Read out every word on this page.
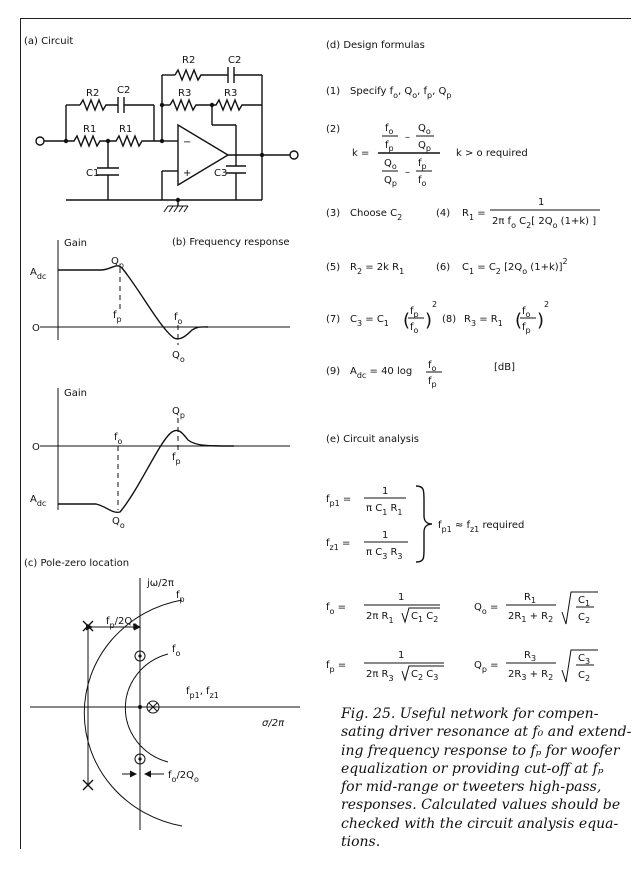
(a) Circuit
−
+
R2	C2
R3	R3
R2 C2
R1 R1
C1	C3
(b) Frequency response
Gain
$A_{dc}$
O
$Q_p$
$f_p$	$f_o$
$Q_o$
Gain
$A_{dc}$
O
$f_o$
$Q_p$
$f_p$
$Q_o$
(c) Pole-zero location
jω/2π
$f_p$
$f_p/2Q_p$
$f_o$
$f_{p1}$, $f_{z1}$
σ/2π
$f_o/2Q_o$
(d) Design formulas
(1) Specify $f_o$, $Q_o$, $f_p$, $Q_p$
(2)
k =
$f_o$
$f_p$
–
$Q_o$
$Q_p$
$Q_o$
$Q_p$
–
$f_p$
$f_o$
k > o required
(3) Choose $C_2$	(4) $R_1$ =
1
2π $f_o$ $C_2$[ $2Q_o$ (1+k) ]
(5) $R_2 = 2k$ $R_1$	(6) $C_1 = C_2$ [$2Q_o$ (1+k)]$^2$
(7) $C_3 = C_1$ ( $f_p$
$f_o$ )
2
(8) $R_3 = R_1$ ( $f_o$
$f_p$ )
2
(9) $A_{dc} = 40$ log
$f_o$
$f_p$
[dB]
(e) Circuit analysis
$f_{p1}$ =
1
π $C_1$ $R_1$
$f_{z1}$ =
1
π $C_3$ $R_3$
$f_{p1} \approx f_{z1}$ required
$f_o$ =
1
2π $R_1$ $C_1$ $C_2$
$Q_o$ =
$R_1$
$2R_1 + R_2$
$C_1$
$C_2$
$f_p$ =
1
2π $R_3$ $C_2$ $C_3$
$Q_p$ =
$R_3$
$2R_3 + R_2$
$C_3$
$C_2$
Fig. 25. Useful network for compen-
sating driver resonance at f₀ and extend-
ing frequency response to fₚ for woofer
equalization or providing cut-off at fₚ
for mid-range or tweeters high-pass,
responses. Calculated values should be
checked with the circuit analysis equa-
tions.
